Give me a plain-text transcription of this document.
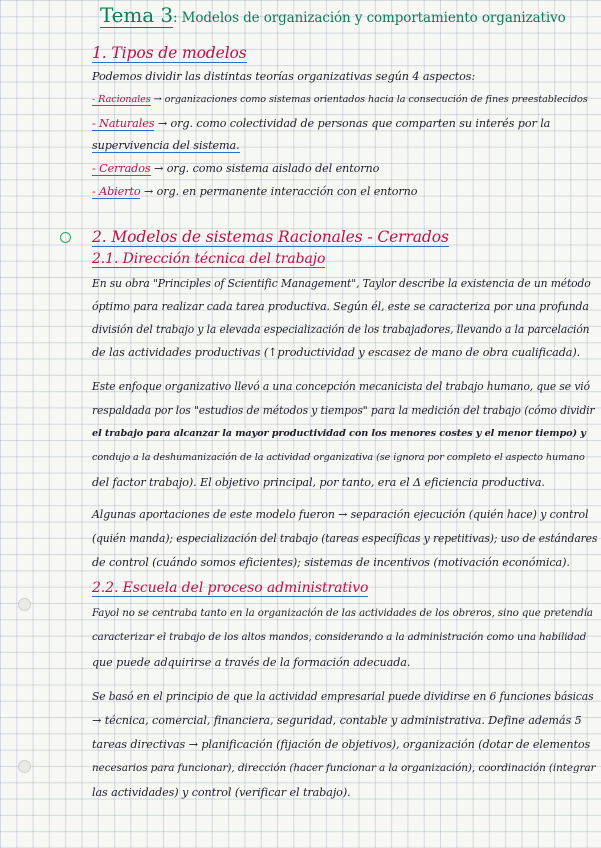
Tema 3: Modelos de organización y comportamiento organizativo
1. Tipos de modelos
Podemos dividir las distintas teorías organizativas según 4 aspectos:
- Racionales → organizaciones como sistemas orientados hacia la consecución de fines preestablecidos
- Naturales → org. como colectividad de personas que comparten su interés por la
supervivencia del sistema.
- Cerrados → org. como sistema aislado del entorno
- Abierto → org. en permanente interacción con el entorno
2. Modelos de sistemas Racionales - Cerrados
2.1. Dirección técnica del trabajo
En su obra "Principles of Scientific Management", Taylor describe la existencia de un método
óptimo para realizar cada tarea productiva. Según él, este se caracteriza por una profunda
división del trabajo y la elevada especialización de los trabajadores, llevando a la parcelación
de las actividades productivas (↑productividad y escasez de mano de obra cualificada).
Este enfoque organizativo llevó a una concepción mecanicista del trabajo humano, que se vió
respaldada por los "estudios de métodos y tiempos" para la medición del trabajo (cómo dividir
el trabajo para alcanzar la mayor productividad con los menores costes y el menor tiempo) y
condujo a la deshumanización de la actividad organizativa (se ignora por completo el aspecto humano
del factor trabajo). El objetivo principal, por tanto, era el Δ eficiencia productiva.
Algunas aportaciones de este modelo fueron → separación ejecución (quién hace) y control
(quién manda); especialización del trabajo (tareas específicas y repetitivas); uso de estándares
de control (cuándo somos eficientes); sistemas de incentivos (motivación económica).
2.2. Escuela del proceso administrativo
Fayol no se centraba tanto en la organización de las actividades de los obreros, sino que pretendía
caracterizar el trabajo de los altos mandos, considerando a la administración como una habilidad
que puede adquirirse a través de la formación adecuada.
Se basó en el principio de que la actividad empresarial puede dividirse en 6 funciones básicas
→ técnica, comercial, financiera, seguridad, contable y administrativa. Define además 5
tareas directivas → planificación (fijación de objetivos), organización (dotar de elementos
necesarios para funcionar), dirección (hacer funcionar a la organización), coordinación (integrar
las actividades) y control (verificar el trabajo).
